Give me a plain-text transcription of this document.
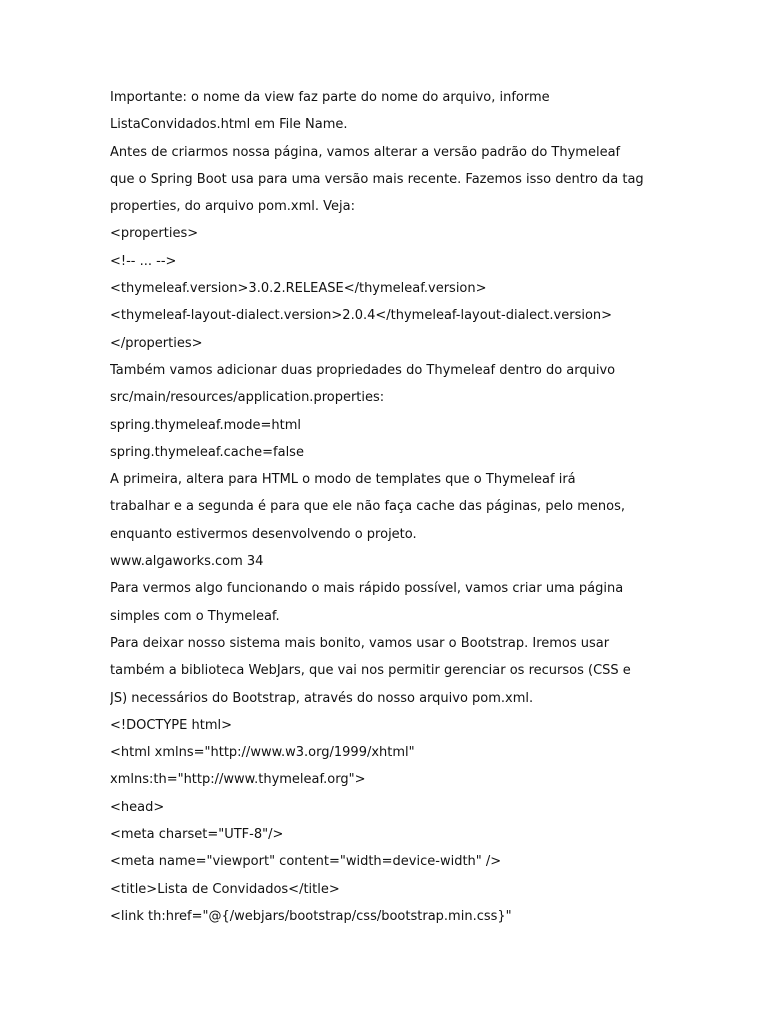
Importante: o nome da view faz parte do nome do arquivo, informe
ListaConvidados.html em File Name.
Antes de criarmos nossa página, vamos alterar a versão padrão do Thymeleaf
que o Spring Boot usa para uma versão mais recente. Fazemos isso dentro da tag
properties, do arquivo pom.xml. Veja:
<properties>
<!-- ... -->
<thymeleaf.version>3.0.2.RELEASE</thymeleaf.version>
<thymeleaf-layout-dialect.version>2.0.4</thymeleaf-layout-dialect.version>
</properties>
Também vamos adicionar duas propriedades do Thymeleaf dentro do arquivo
src/main/resources/application.properties:
spring.thymeleaf.mode=html
spring.thymeleaf.cache=false
A primeira, altera para HTML o modo de templates que o Thymeleaf irá
trabalhar e a segunda é para que ele não faça cache das páginas, pelo menos,
enquanto estivermos desenvolvendo o projeto.
www.algaworks.com 34
Para vermos algo funcionando o mais rápido possível, vamos criar uma página
simples com o Thymeleaf.
Para deixar nosso sistema mais bonito, vamos usar o Bootstrap. Iremos usar
também a biblioteca WebJars, que vai nos permitir gerenciar os recursos (CSS e
JS) necessários do Bootstrap, através do nosso arquivo pom.xml.
<!DOCTYPE html>
<html xmlns="http://www.w3.org/1999/xhtml"
xmlns:th="http://www.thymeleaf.org">
<head>
<meta charset="UTF-8"/>
<meta name="viewport" content="width=device-width" />
<title>Lista de Convidados</title>
<link th:href="@{/webjars/bootstrap/css/bootstrap.min.css}"
